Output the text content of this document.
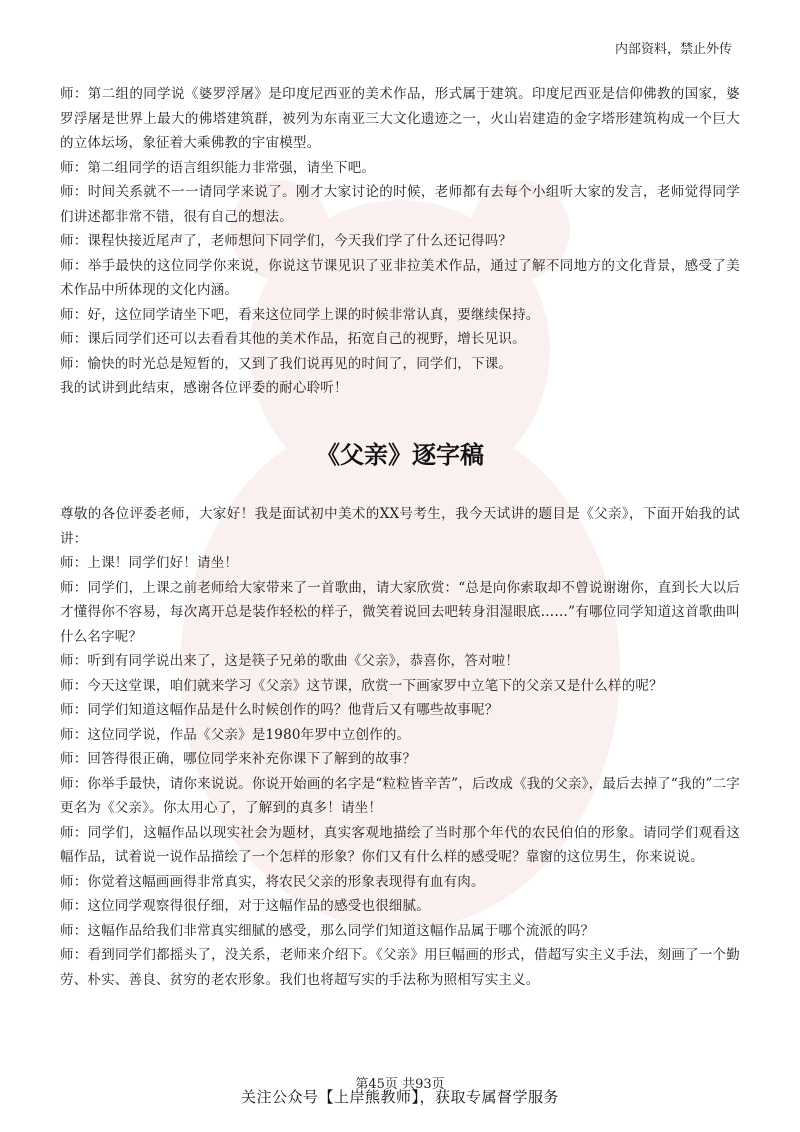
内部资料，禁止外传

师：第二组的同学说《婆罗浮屠》是印度尼西亚的美术作品，形式属于建筑。印度尼西亚是信仰佛教的国家，婆罗浮屠是世界上最大的佛塔建筑群，被列为东南亚三大文化遗迹之一，火山岩建造的金字塔形建筑构成一个巨大的立体坛场，象征着大乘佛教的宇宙模型。

师：第二组同学的语言组织能力非常强，请坐下吧。

师：时间关系就不一一请同学来说了。刚才大家讨论的时候，老师都有去每个小组听大家的发言，老师觉得同学们讲述都非常不错，很有自己的想法。

师：课程快接近尾声了，老师想问下同学们，今天我们学了什么还记得吗？

师：举手最快的这位同学你来说，你说这节课见识了亚非拉美术作品，通过了解不同地方的文化背景，感受了美术作品中所体现的文化内涵。

师：好，这位同学请坐下吧，看来这位同学上课的时候非常认真，要继续保持。

师：课后同学们还可以去看看其他的美术作品，拓宽自己的视野，增长见识。

师：愉快的时光总是短暂的，又到了我们说再见的时间了，同学们，下课。

我的试讲到此结束，感谢各位评委的耐心聆听！

《父亲》逐字稿

尊敬的各位评委老师，大家好！我是面试初中美术的XX号考生，我今天试讲的题目是《父亲》，下面开始我的试讲：

师：上课！同学们好！请坐！

师：同学们，上课之前老师给大家带来了一首歌曲，请大家欣赏：“总是向你索取却不曾说谢谢你，直到长大以后才懂得你不容易，每次离开总是装作轻松的样子，微笑着说回去吧转身泪湿眼底……”有哪位同学知道这首歌曲叫什么名字呢？

师：听到有同学说出来了，这是筷子兄弟的歌曲《父亲》，恭喜你，答对啦！

师：今天这堂课，咱们就来学习《父亲》这节课，欣赏一下画家罗中立笔下的父亲又是什么样的呢？

师：同学们知道这幅作品是什么时候创作的吗？他背后又有哪些故事呢？

师：这位同学说，作品《父亲》是1980年罗中立创作的。

师：回答得很正确，哪位同学来补充你课下了解到的故事？

师：你举手最快，请你来说说。你说开始画的名字是“粒粒皆辛苦”，后改成《我的父亲》，最后去掉了“我的”二字更名为《父亲》。你太用心了，了解到的真多！请坐！

师：同学们，这幅作品以现实社会为题材，真实客观地描绘了当时那个年代的农民伯伯的形象。请同学们观看这幅作品，试着说一说作品描绘了一个怎样的形象？你们又有什么样的感受呢？靠窗的这位男生，你来说说。

师：你觉着这幅画画得非常真实，将农民父亲的形象表现得有血有肉。

师：这位同学观察得很仔细，对于这幅作品的感受也很细腻。

师：这幅作品给我们非常真实细腻的感受，那么同学们知道这幅作品属于哪个流派的吗？

师：看到同学们都摇头了，没关系，老师来介绍下。《父亲》用巨幅画的形式，借超写实主义手法，刻画了一个勤劳、朴实、善良、贫穷的老农形象。我们也将超写实的手法称为照相写实主义。

第45页 共93页
关注公众号【上岸熊教师】，获取专属督学服务
